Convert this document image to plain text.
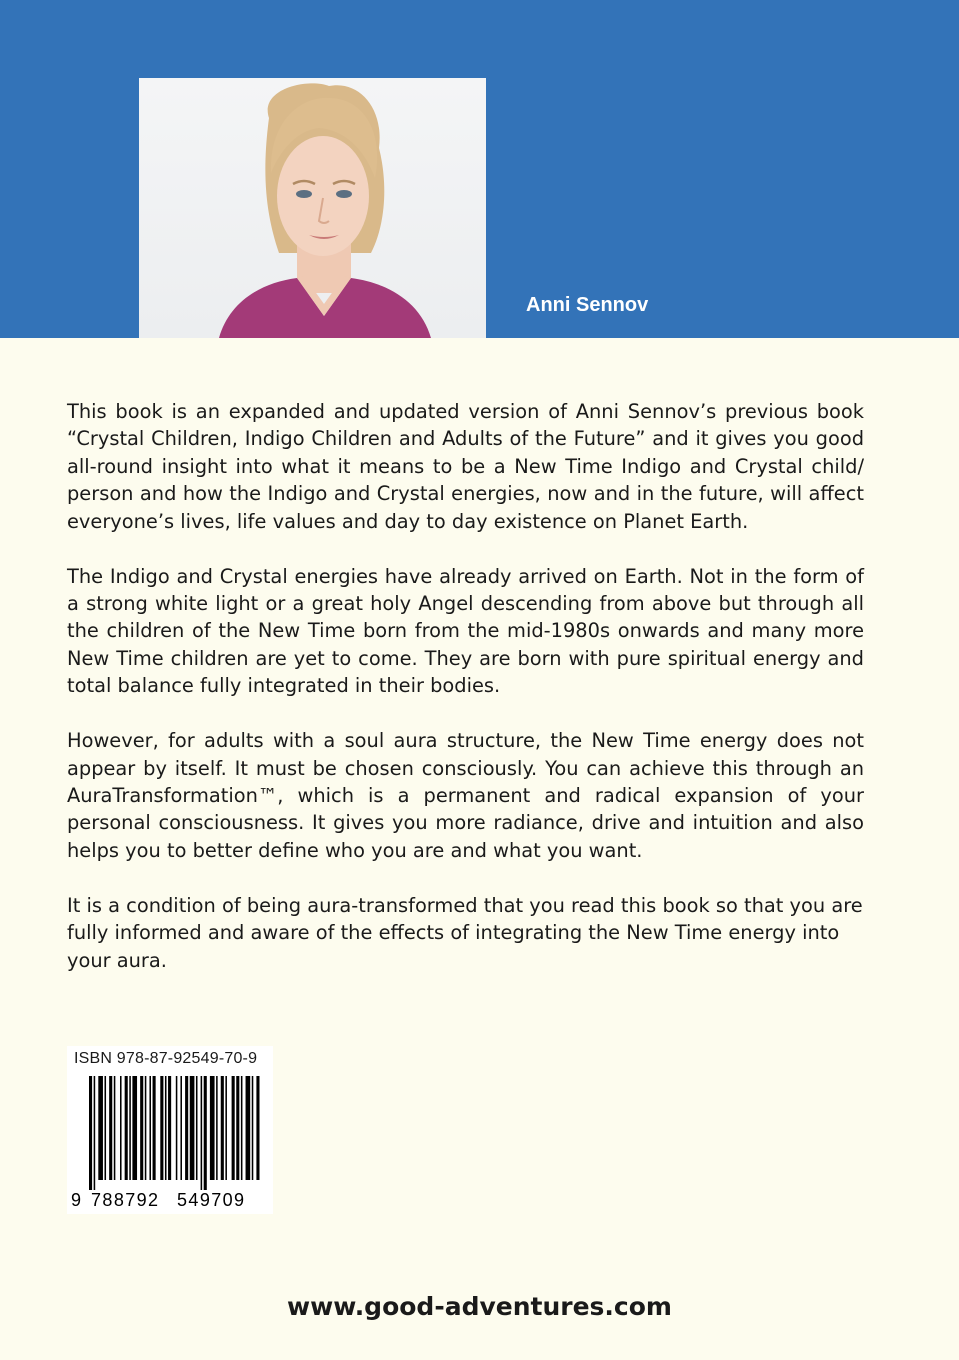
Anni Sennov

This book is an expanded and updated version of Anni Sennov’s previous book “Crystal Children, Indigo Children and Adults of the Future” and it gives you good all-round insight into what it means to be a New Time Indigo and Crystal child/ person and how the Indigo and Crystal energies, now and in the future, will affect everyone’s lives, life values and day to day existence on Planet Earth.

The Indigo and Crystal energies have already arrived on Earth. Not in the form of a strong white light or a great holy Angel descending from above but through all the children of the New Time born from the mid-1980s onwards and many more New Time children are yet to come. They are born with pure spiritual energy and total balance fully integrated in their bodies.

However, for adults with a soul aura structure, the New Time energy does not appear by itself. It must be chosen consciously. You can achieve this through an AuraTransformation™, which is a permanent and radical expansion of your personal consciousness. It gives you more radiance, drive and intuition and also helps you to better define who you are and what you want.

It is a condition of being aura-transformed that you read this book so that you are fully informed and aware of the effects of integrating the New Time energy into your aura.

ISBN 978-87-92549-70-9
9 788792 549709
www.good-adventures.com
